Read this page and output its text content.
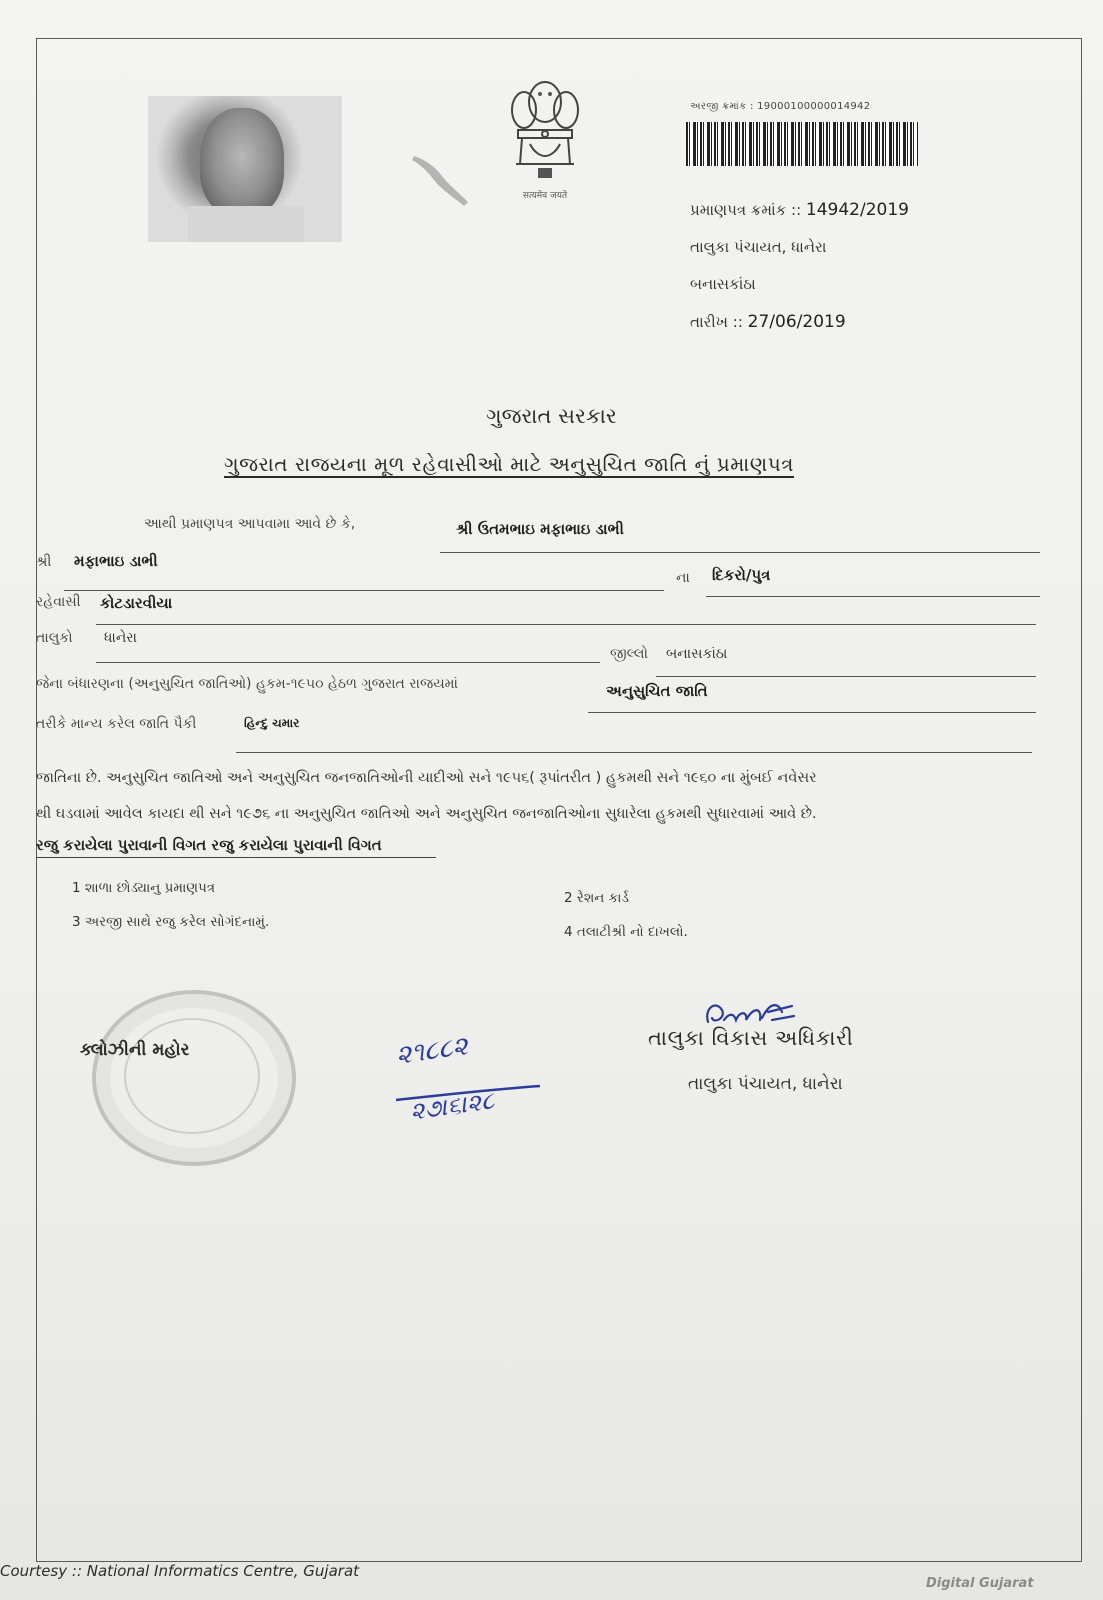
सत्यमेव जयते
અરજી ક્રમાંક : 19000100000014942
પ્રમાણપત્ર ક્રમાંક :: 14942/2019
તાલુકા પંચાયત, ધાનેરા
બનાસકાંઠા
તારીખ :: 27/06/2019
ગુજરાત સરકાર
ગુજરાત રાજયના મૂળ રહેવાસીઓ માટે અનુસુચિત જાતિ નું પ્રમાણપત્ર
આથી પ્રમાણપત્ર આપવામા આવે છે કે,	શ્રી ઉતમભાઇ મફાભાઇ ડાભી
શ્રી મફાભાઇ ડાભી
ના દિકરો/પુત્ર
રહેવાસી કોટડારવીયા
તાલુકો ધાનેરા
જીલ્લો બનાસકાંઠા
જેના બંધારણના (અનુસુચિત જાતિઓ) હુકમ-૧૯૫૦ હેઠળ ગુજરાત રાજયમાં	અનુસુચિત જાતિ
તરીકે માન્ય કરેલ જાતિ પૈકી	હિન્દુ ચમાર
જાતિના છે. અનુસુચિત જાતિઓ અને અનુસુચિત જનજાતિઓની યાદીઓ સને ૧૯૫૬( રૂપાંતરીત ) હુકમથી સને ૧૯૬૦ ના મુંબઈ નવેસર
થી ઘડવામાં આવેલ કાયદા થી સને ૧૯૭૬ ના અનુસુચિત જાતિઓ અને અનુસુચિત જનજાતિઓના સુધારેલા હુકમથી સુધારવામાં આવે છે.
રજુ કરાયેલા પુરાવાની વિગત રજુ કરાયેલા પુરાવાની વિગત
1 શાળા છોડ્યાનુ પ્રમાણપત્ર
2 રેશન કાર્ડ
3 અરજી સાથે રજુ કરેલ સોગંદનામું.
4 તલાટીશ્રી નો દાખલો.
ક્લોઝીની મહોર	૨૧૮૮૨
૨૭।૬।૨૮
તાલુકા વિકાસ અધિકારી
તાલુકા પંચાયત, ધાનેરા
Courtesy :: National Informatics Centre, Gujarat
Digital Gujarat
